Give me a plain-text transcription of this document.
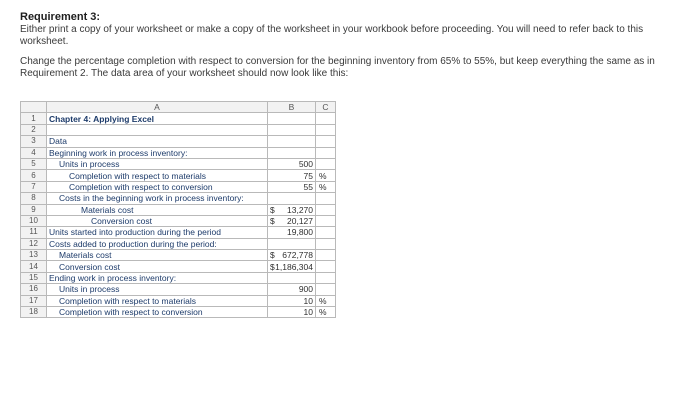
Requirement 3:
Either print a copy of your worksheet or make a copy of the worksheet in your workbook before proceeding. You will need to refer back to this worksheet.
Change the percentage completion with respect to conversion for the beginning inventory from 65% to 55%, but keep everything the same as in Requirement 2. The data area of your worksheet should now look like this:
	A	B	C
1	Chapter 4: Applying Excel		
2			
3	Data		
4	Beginning work in process inventory:		
5	Units in process	500	
6	Completion with respect to materials	75	%
7	Completion with respect to conversion	55	%
8	Costs in the beginning work in process inventory:		
9	Materials cost	$ 13,270	

10	Conversion cost	$ 20,127	

11	Units started into production during the period	19,800	
12	Costs added to production during the period:		
13	Materials cost	$ 672,778	

14	Conversion cost	$ 1,186,304	

15	Ending work in process inventory:		
16	Units in process	900	
17	Completion with respect to materials	10	%
18	Completion with respect to conversion	10	%
